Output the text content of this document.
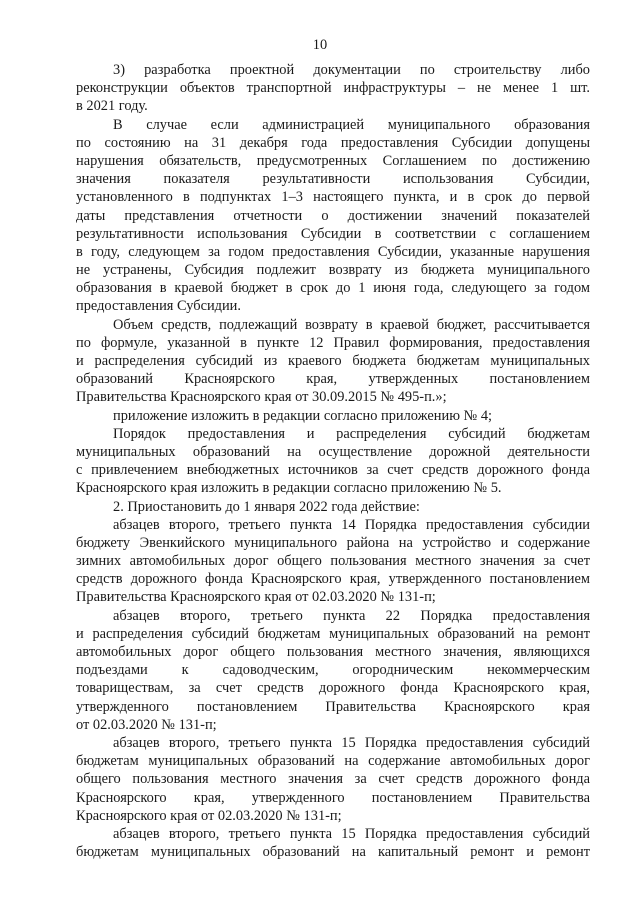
10
3) разработка проектной документации по строительству либо
реконструкции объектов транспортной инфраструктуры – не менее 1 шт.
в 2021 году.
В случае если администрацией муниципального образования
по состоянию на 31 декабря года предоставления Субсидии допущены
нарушения обязательств, предусмотренных Соглашением по достижению
значения показателя результативности использования Субсидии,
установленного в подпунктах 1–3 настоящего пункта, и в срок до первой
даты представления отчетности о достижении значений показателей
результативности использования Субсидии в соответствии с соглашением
в году, следующем за годом предоставления Субсидии, указанные нарушения
не устранены, Субсидия подлежит возврату из бюджета муниципального
образования в краевой бюджет в срок до 1 июня года, следующего за годом
предоставления Субсидии.
Объем средств, подлежащий возврату в краевой бюджет, рассчитывается
по формуле, указанной в пункте 12 Правил формирования, предоставления
и распределения субсидий из краевого бюджета бюджетам муниципальных
образований Красноярского края, утвержденных постановлением
Правительства Красноярского края от 30.09.2015 № 495-п.»;
приложение изложить в редакции согласно приложению № 4;
Порядок предоставления и распределения субсидий бюджетам
муниципальных образований на осуществление дорожной деятельности
с привлечением внебюджетных источников за счет средств дорожного фонда
Красноярского края изложить в редакции согласно приложению № 5.
2. Приостановить до 1 января 2022 года действие:
абзацев второго, третьего пункта 14 Порядка предоставления субсидии
бюджету Эвенкийского муниципального района на устройство и содержание
зимних автомобильных дорог общего пользования местного значения за счет
средств дорожного фонда Красноярского края, утвержденного постановлением
Правительства Красноярского края от 02.03.2020 № 131-п;
абзацев второго, третьего пункта 22 Порядка предоставления
и распределения субсидий бюджетам муниципальных образований на ремонт
автомобильных дорог общего пользования местного значения, являющихся
подъездами к садоводческим, огородническим некоммерческим
товариществам, за счет средств дорожного фонда Красноярского края,
утвержденного постановлением Правительства Красноярского края
от 02.03.2020 № 131-п;
абзацев второго, третьего пункта 15 Порядка предоставления субсидий
бюджетам муниципальных образований на содержание автомобильных дорог
общего пользования местного значения за счет средств дорожного фонда
Красноярского края, утвержденного постановлением Правительства
Красноярского края от 02.03.2020 № 131-п;
абзацев второго, третьего пункта 15 Порядка предоставления субсидий
бюджетам муниципальных образований на капитальный ремонт и ремонт
